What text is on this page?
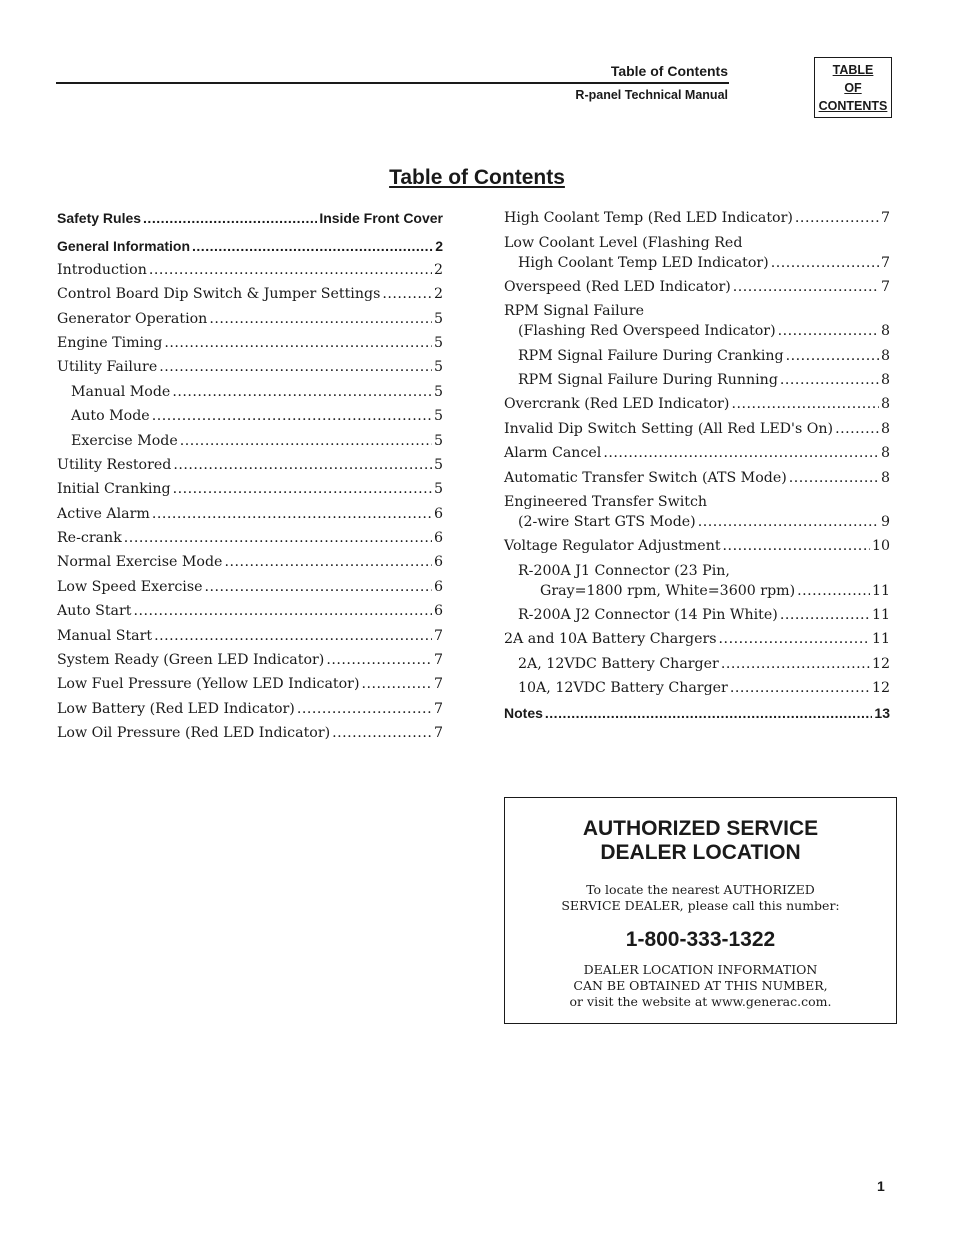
Table of Contents
R-panel Technical Manual
TABLE
OF
CONTENTS
Table of Contents
Safety Rules .....	Inside Front Cover
General Information .....	2
Introduction .....	2
Control Board Dip Switch & Jumper Settings .....	2
Generator Operation .....	5
Engine Timing .....	5
Utility Failure .....	5
Manual Mode .....	5
Auto Mode .....	5
Exercise Mode .....	5
Utility Restored .....	5
Initial Cranking .....	5
Active Alarm .....	6
Re-crank .....	6
Normal Exercise Mode .....	6
Low Speed Exercise .....	6
Auto Start .....	6
Manual Start .....	7
System Ready (Green LED Indicator) .....	7
Low Fuel Pressure (Yellow LED Indicator) .....	7
Low Battery (Red LED Indicator) .....	7
Low Oil Pressure (Red LED Indicator) .....	7
High Coolant Temp (Red LED Indicator) .....	7
Low Coolant Level (Flashing Red
High Coolant Temp LED Indicator) .....	7
Overspeed (Red LED Indicator) .....	7
RPM Signal Failure
(Flashing Red Overspeed Indicator) .....	8
RPM Signal Failure During Cranking .....	8
RPM Signal Failure During Running .....	8
Overcrank (Red LED Indicator) .....	8
Invalid Dip Switch Setting (All Red LED's On) .....	8
Alarm Cancel .....	8
Automatic Transfer Switch (ATS Mode) .....	8
Engineered Transfer Switch
(2-wire Start GTS Mode) .....	9
Voltage Regulator Adjustment .....	10
R-200A J1 Connector (23 Pin,
Gray=1800 rpm, White=3600 rpm) .....	11
R-200A J2 Connector (14 Pin White) .....	11
2A and 10A Battery Chargers .....	11
2A, 12VDC Battery Charger .....	12
10A, 12VDC Battery Charger .....	12
Notes .....	13
AUTHORIZED SERVICE
DEALER LOCATION
To locate the nearest AUTHORIZED
SERVICE DEALER, please call this number:
1-800-333-1322
DEALER LOCATION INFORMATION
CAN BE OBTAINED AT THIS NUMBER,
or visit the website at www.generac.com.
1
